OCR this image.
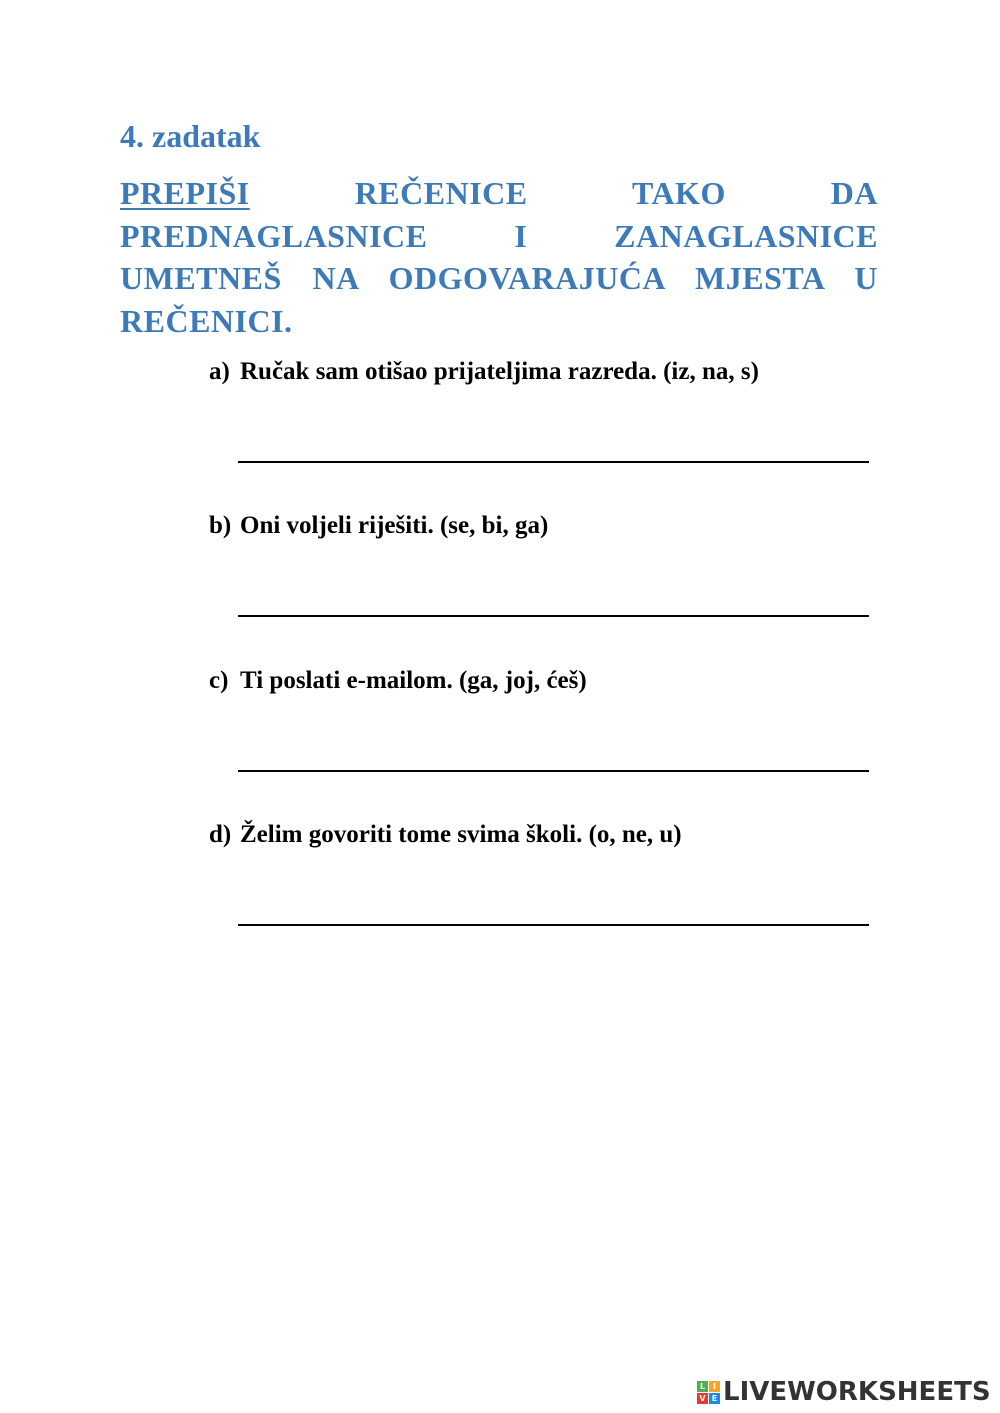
4. zadatak
PREPIŠI REČENICE TAKO DA PREDNAGLASNICE I ZANAGLASNICE UMETNEŠ NA ODGOVARAJUĆA MJESTA U REČENICI.
a) Ručak sam otišao prijateljima razreda. (iz, na, s)
b) Oni voljeli riješiti. (se, bi, ga)
c) Ti poslati e-mailom. (ga, joj, ćeš)
d) Želim govoriti tome svima školi. (o, ne, u)
L I
V E LIVEWORKSHEETS
